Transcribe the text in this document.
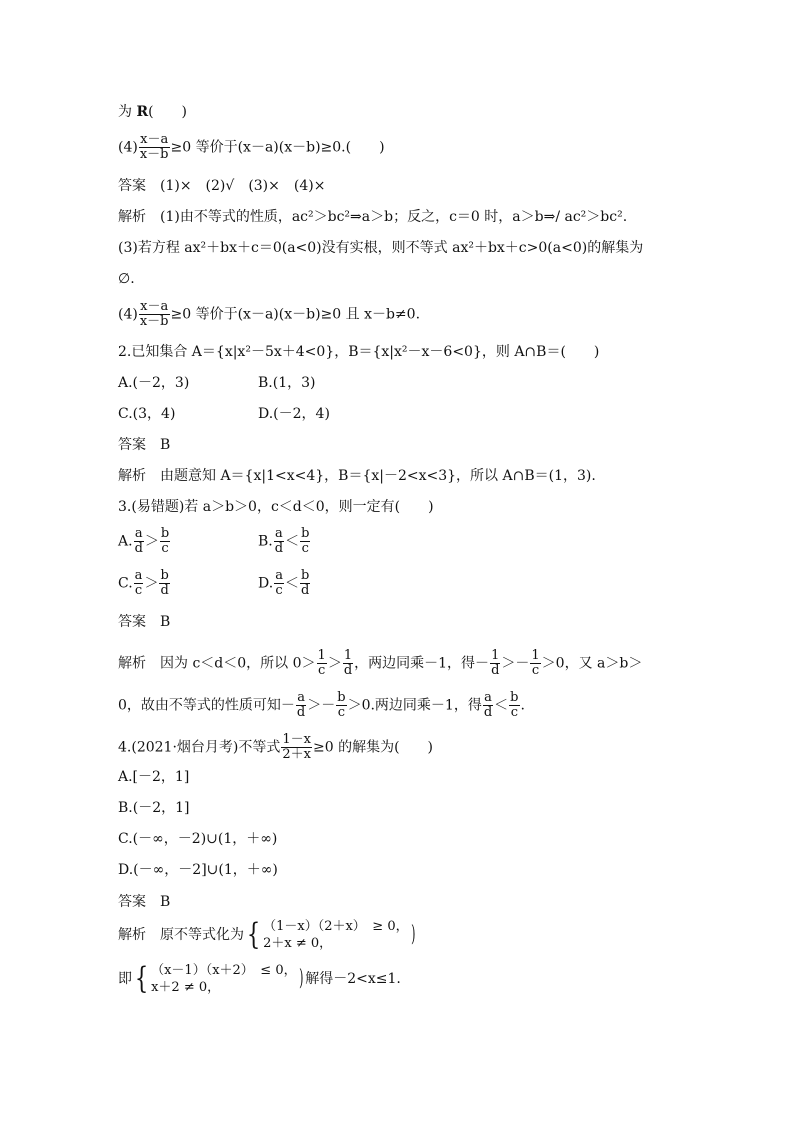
为 R(　　)
$(4) \frac{x-a}{x-b} \ge 0$ 等价于(x－a)(x－b)≥0.(　　)
答案　(1)×　(2)√　(3)×　(4)×
解析　(1)由不等式的性质，ac²＞bc²⇒a＞b；反之，c＝0 时，a＞b⇒/ ac²＞bc².
(3)若方程 ax²＋bx＋c＝0(a<0)没有实根，则不等式 ax²＋bx＋c>0(a<0)的解集为
∅.
$(4) \frac{x-a}{x-b} \ge 0$ 等价于(x－a)(x－b)≥0 且 x－b≠0.
2.已知集合 A＝{x|x²－5x＋4<0}，B＝{x|x²－x－6<0}，则 A∩B＝(　　)
A.(－2，3)	B.(1，3)
C.(3，4)	D.(－2，4)
答案　B
解析　由题意知 A＝{x|1<x<4}，B＝{x|－2<x<3}，所以 A∩B＝(1，3).
3.(易错题)若 a＞b＞0，c＜d＜0，则一定有(　　)
A. $\frac{a}{d} > \frac{b}{c}$	B. $\frac{a}{d} < \frac{b}{c}$
C. $\frac{a}{c} > \frac{b}{d}$	D. $\frac{a}{c} < \frac{b}{d}$
答案　B
解析　因为 c＜d＜0，所以 $0> \frac{1}{c} > \frac{1}{d}$ ，两边同乘－1，得－ $\frac{1}{d} >- \frac{1}{c} >0$，又 a＞b＞
0，故由不等式的性质可知－ $\frac{a}{d} >- \frac{b}{c} >0$.两边同乘－1，得 $\frac{a}{d} < \frac{b}{c}$ .
4.(2021·烟台月考)不等式 $\frac{1-x}{2+x} \ge 0$ 的解集为(　　)
A.[－2，1]
B.(－2，1]
C.(－∞，－2)∪(1，＋∞)
D.(－∞，－2]∪(1，＋∞)
答案　B
解析　原不等式化为{ （1－x）（2＋x）　≥ 0，
2＋x ≠ 0，	)
即{ （x－1）（x＋2）　≤ 0，
x＋2 ≠ 0，	) 解得－2<x≤1.
